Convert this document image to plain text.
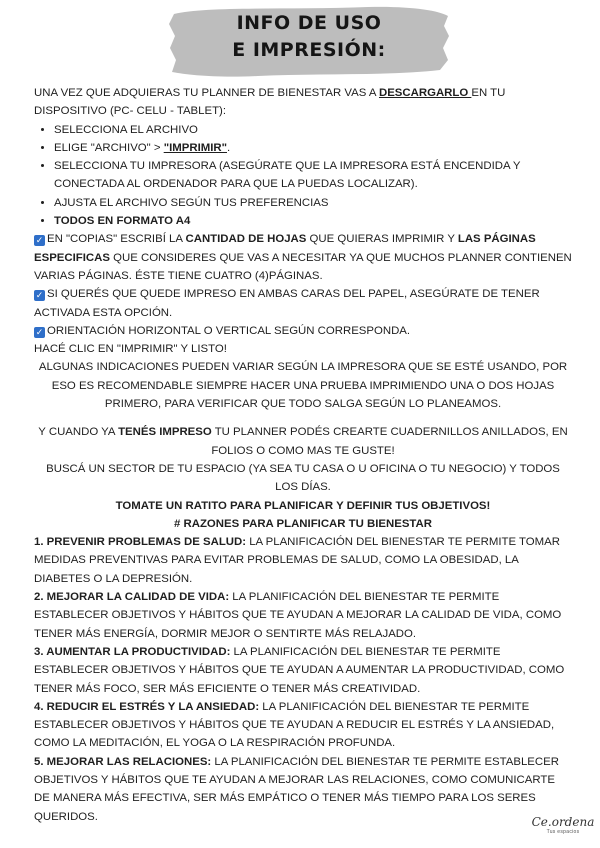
INFO DE USO
E IMPRESIÓN:

UNA VEZ QUE ADQUIERAS TU PLANNER DE BIENESTAR VAS A DESCARGARLO EN TU DISPOSITIVO (PC- CELU - TABLET):

• SELECCIONA EL ARCHIVO
• ELIGE "ARCHIVO" > "IMPRIMIR".
• SELECCIONA TU IMPRESORA (ASEGÚRATE QUE LA IMPRESORA ESTÁ ENCENDIDA Y CONECTADA AL ORDENADOR PARA QUE LA PUEDAS LOCALIZAR).
• AJUSTA EL ARCHIVO SEGÚN TUS PREFERENCIAS
• TODOS EN FORMATO A4

✓ EN "COPIAS" ESCRIBÍ LA CANTIDAD DE HOJAS QUE QUIERAS IMPRIMIR Y LAS PÁGINAS ESPECIFICAS QUE CONSIDERES QUE VAS A NECESITAR YA QUE MUCHOS PLANNER CONTIENEN VARIAS PÁGINAS. ÉSTE TIENE CUATRO (4)PÁGINAS.

✓ SI QUERÉS QUE QUEDE IMPRESO EN AMBAS CARAS DEL PAPEL, ASEGÚRATE DE TENER ACTIVADA ESTA OPCIÓN.

✓ ORIENTACIÓN HORIZONTAL O VERTICAL SEGÚN CORRESPONDA.

HACÉ CLIC EN "IMPRIMIR" Y LISTO!

ALGUNAS INDICACIONES PUEDEN VARIAR SEGÚN LA IMPRESORA QUE SE ESTÉ USANDO, POR ESO ES RECOMENDABLE SIEMPRE HACER UNA PRUEBA IMPRIMIENDO UNA O DOS HOJAS PRIMERO, PARA VERIFICAR QUE TODO SALGA SEGÚN LO PLANEAMOS.

Y CUANDO YA TENÉS IMPRESO TU PLANNER PODÉS CREARTE CUADERNILLOS ANILLADOS, EN FOLIOS O COMO MAS TE GUSTE!

BUSCÁ UN SECTOR DE TU ESPACIO (YA SEA TU CASA O U OFICINA O TU NEGOCIO) Y TODOS LOS DÍAS.

TOMATE UN RATITO PARA PLANIFICAR Y DEFINIR TUS OBJETIVOS!

# RAZONES PARA PLANIFICAR TU BIENESTAR

1. PREVENIR PROBLEMAS DE SALUD: LA PLANIFICACIÓN DEL BIENESTAR TE PERMITE TOMAR MEDIDAS PREVENTIVAS PARA EVITAR PROBLEMAS DE SALUD, COMO LA OBESIDAD, LA DIABETES O LA DEPRESIÓN.

2. MEJORAR LA CALIDAD DE VIDA: LA PLANIFICACIÓN DEL BIENESTAR TE PERMITE ESTABLECER OBJETIVOS Y HÁBITOS QUE TE AYUDAN A MEJORAR LA CALIDAD DE VIDA, COMO TENER MÁS ENERGÍA, DORMIR MEJOR O SENTIRTE MÁS RELAJADO.

3. AUMENTAR LA PRODUCTIVIDAD: LA PLANIFICACIÓN DEL BIENESTAR TE PERMITE ESTABLECER OBJETIVOS Y HÁBITOS QUE TE AYUDAN A AUMENTAR LA PRODUCTIVIDAD, COMO TENER MÁS FOCO, SER MÁS EFICIENTE O TENER MÁS CREATIVIDAD.

4. REDUCIR EL ESTRÉS Y LA ANSIEDAD: LA PLANIFICACIÓN DEL BIENESTAR TE PERMITE ESTABLECER OBJETIVOS Y HÁBITOS QUE TE AYUDAN A REDUCIR EL ESTRÉS Y LA ANSIEDAD, COMO LA MEDITACIÓN, EL YOGA O LA RESPIRACIÓN PROFUNDA.

5. MEJORAR LAS RELACIONES: LA PLANIFICACIÓN DEL BIENESTAR TE PERMITE ESTABLECER OBJETIVOS Y HÁBITOS QUE TE AYUDAN A MEJORAR LAS RELACIONES, COMO COMUNICARTE DE MANERA MÁS EFECTIVA, SER MÁS EMPÁTICO O TENER MÁS TIEMPO PARA LOS SERES QUERIDOS.	Ce.ordena
Tus espacios
